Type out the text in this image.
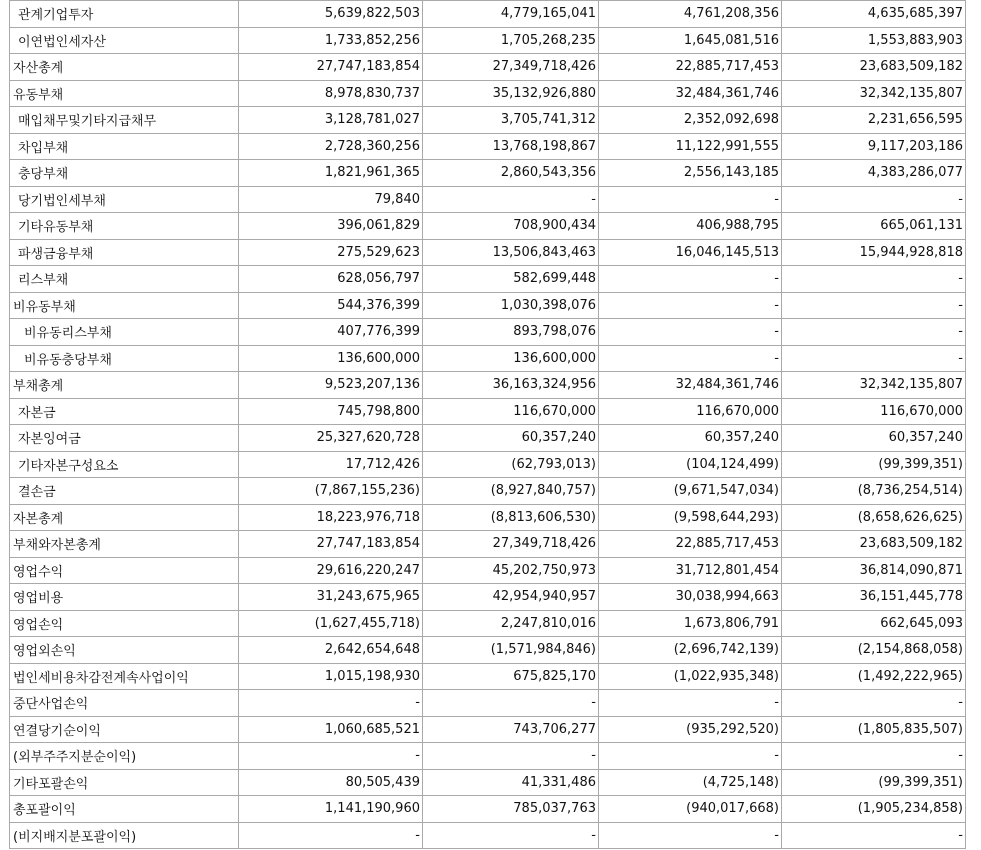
관계기업투자	5,639,822,503	4,779,165,041	4,761,208,356	4,635,685,397
이연법인세자산	1,733,852,256	1,705,268,235	1,645,081,516	1,553,883,903
자산총계	27,747,183,854	27,349,718,426	22,885,717,453	23,683,509,182
유동부채	8,978,830,737	35,132,926,880	32,484,361,746	32,342,135,807
매입채무및기타지급채무	3,128,781,027	3,705,741,312	2,352,092,698	2,231,656,595
차입부채	2,728,360,256	13,768,198,867	11,122,991,555	9,117,203,186
충당부채	1,821,961,365	2,860,543,356	2,556,143,185	4,383,286,077
당기법인세부채	79,840	-	-	-
기타유동부채	396,061,829	708,900,434	406,988,795	665,061,131
파생금융부채	275,529,623	13,506,843,463	16,046,145,513	15,944,928,818
리스부채	628,056,797	582,699,448	-	-
비유동부채	544,376,399	1,030,398,076	-	-
비유동리스부채	407,776,399	893,798,076	-	-
비유동충당부채	136,600,000	136,600,000	-	-
부채총계	9,523,207,136	36,163,324,956	32,484,361,746	32,342,135,807
자본금	745,798,800	116,670,000	116,670,000	116,670,000
자본잉여금	25,327,620,728	60,357,240	60,357,240	60,357,240
기타자본구성요소	17,712,426	(62,793,013)	(104,124,499)	(99,399,351)
결손금	(7,867,155,236)	(8,927,840,757)	(9,671,547,034)	(8,736,254,514)
자본총계	18,223,976,718	(8,813,606,530)	(9,598,644,293)	(8,658,626,625)
부채와자본총계	27,747,183,854	27,349,718,426	22,885,717,453	23,683,509,182
영업수익	29,616,220,247	45,202,750,973	31,712,801,454	36,814,090,871
영업비용	31,243,675,965	42,954,940,957	30,038,994,663	36,151,445,778
영업손익	(1,627,455,718)	2,247,810,016	1,673,806,791	662,645,093
영업외손익	2,642,654,648	(1,571,984,846)	(2,696,742,139)	(2,154,868,058)
법인세비용차감전계속사업이익	1,015,198,930	675,825,170	(1,022,935,348)	(1,492,222,965)
중단사업손익	-	-	-	-
연결당기순이익	1,060,685,521	743,706,277	(935,292,520)	(1,805,835,507)
(외부주주지분순이익)	-	-	-	-
기타포괄손익	80,505,439	41,331,486	(4,725,148)	(99,399,351)
총포괄이익	1,141,190,960	785,037,763	(940,017,668)	(1,905,234,858)
(비지배지분포괄이익)	-	-	-	-
